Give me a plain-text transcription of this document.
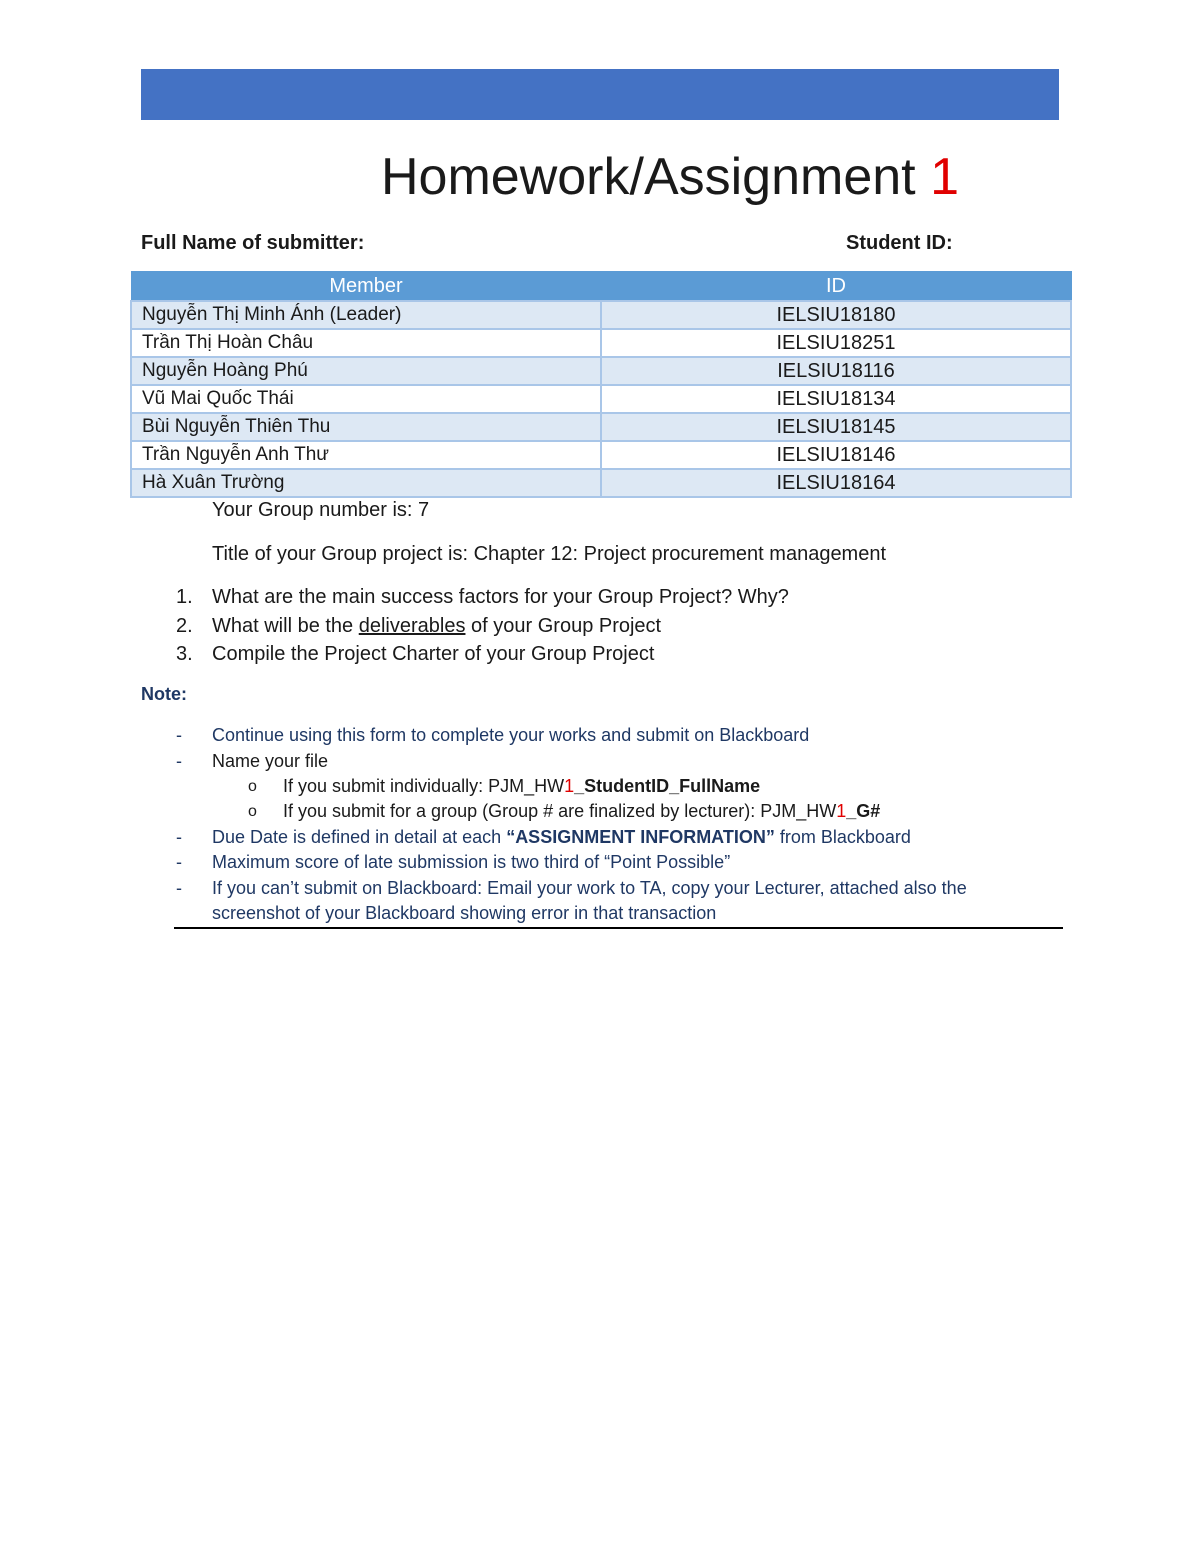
Homework/Assignment 1
Full Name of submitter:	Student ID:
Member	ID
Nguyễn Thị Minh Ánh (Leader)	IELSIU18180
Trần Thị Hoàn Châu	IELSIU18251
Nguyễn Hoàng Phú	IELSIU18116
Vũ Mai Quốc Thái	IELSIU18134
Bùi Nguyễn Thiên Thu	IELSIU18145
Trần Nguyễn Anh Thư	IELSIU18146
Hà Xuân Trường	IELSIU18164
Your Group number is: 7
Title of your Group project is: Chapter 12: Project procurement management
1. What are the main success factors for your Group Project? Why?
2. What will be the deliverables of your Group Project
3. Compile the Project Charter of your Group Project
Note:
- Continue using this form to complete your works and submit on Blackboard
- Name your file
o If you submit individually: PJM_HW1_StudentID_FullName
o If you submit for a group (Group # are finalized by lecturer): PJM_HW1_G#
- Due Date is defined in detail at each “ASSIGNMENT INFORMATION” from Blackboard
- Maximum score of late submission is two third of “Point Possible”
- If you can’t submit on Blackboard: Email your work to TA, copy your Lecturer, attached also the
screenshot of your Blackboard showing error in that transaction
